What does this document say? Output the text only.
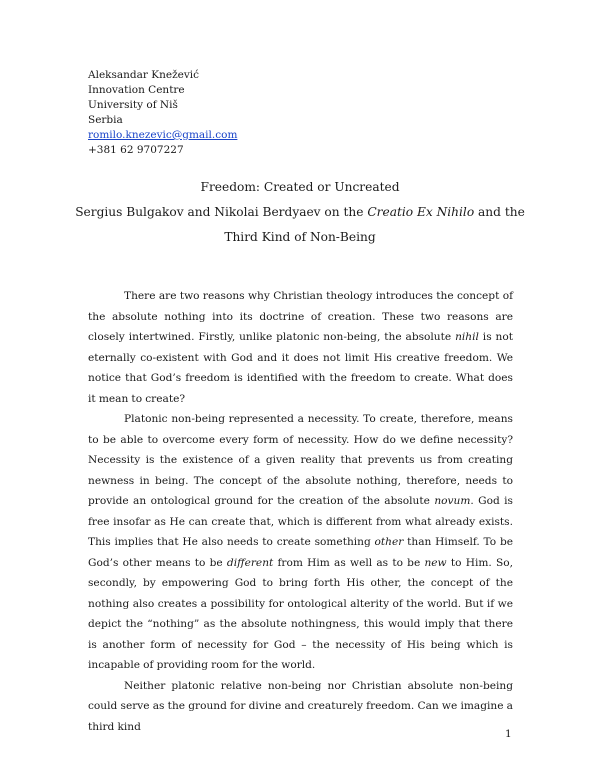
Aleksandar Knežević
Innovation Centre
University of Niš
Serbia
romilo.knezevic@gmail.com
+381 62 9707227
Freedom: Created or Uncreated
Sergius Bulgakov and Nikolai Berdyaev on the Creatio Ex Nihilo and the
Third Kind of Non-Being

There are two reasons why Christian theology introduces the concept of the absolute nothing into its doctrine of creation. These two reasons are closely intertwined. Firstly, unlike platonic non-being, the absolute nihil is not eternally co-existent with God and it does not limit His creative freedom. We notice that God’s freedom is identified with the freedom to create. What does it mean to create?

Platonic non-being represented a necessity. To create, therefore, means to be able to overcome every form of necessity. How do we define necessity? Necessity is the existence of a given reality that prevents us from creating newness in being. The concept of the absolute nothing, therefore, needs to provide an ontological ground for the creation of the absolute novum. God is free insofar as He can create that, which is different from what already exists. This implies that He also needs to create something other than Himself. To be God’s other means to be different from Him as well as to be new to Him. So, secondly, by empowering God to bring forth His other, the concept of the nothing also creates a possibility for ontological alterity of the world. But if we depict the “nothing” as the absolute nothingness, this would imply that there is another form of necessity for God – the necessity of His being which is incapable of providing room for the world.

Neither platonic relative non-being nor Christian absolute non-being could serve as the ground for divine and creaturely freedom. Can we imagine a third kind

1
